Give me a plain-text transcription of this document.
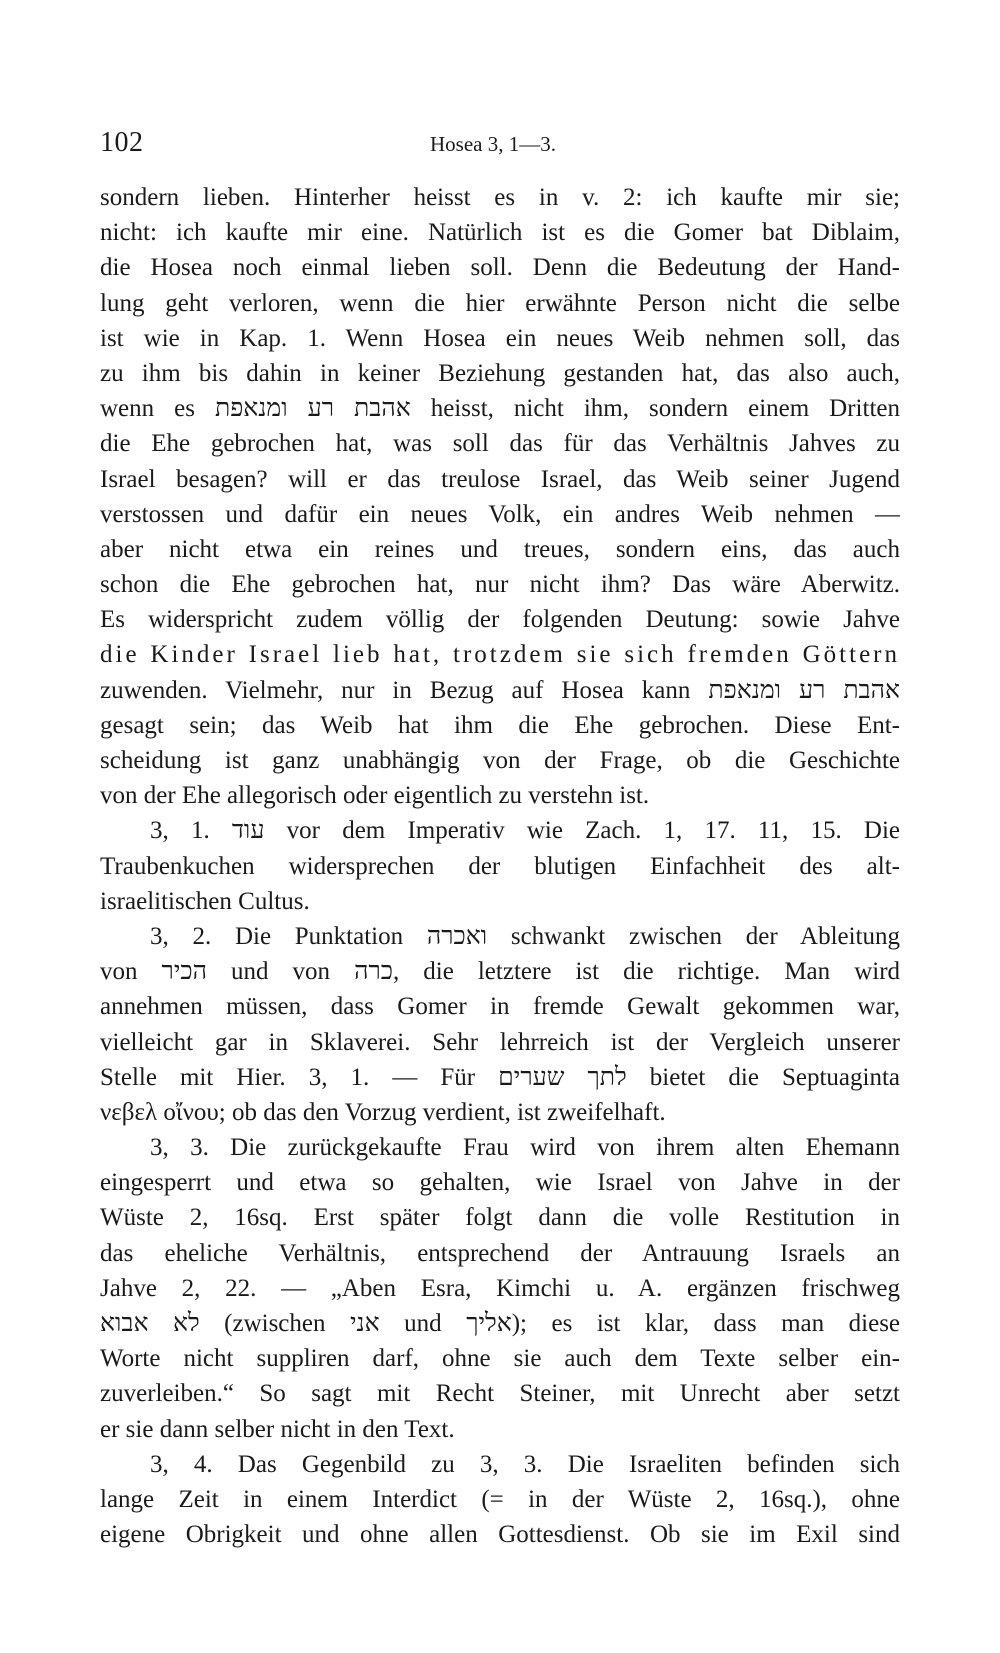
102	Hosea 3, 1—3.
sondern lieben. Hinterher heisst es in v. 2: ich kaufte mir sie;
nicht: ich kaufte mir eine. Natürlich ist es die Gomer bat Diblaim,
die Hosea noch einmal lieben soll. Denn die Bedeutung der Hand-
lung geht verloren, wenn die hier erwähnte Person nicht die selbe
ist wie in Kap. 1. Wenn Hosea ein neues Weib nehmen soll, das
zu ihm bis dahin in keiner Beziehung gestanden hat, das also auch,
wenn es אהבת רע ומנאפת heisst, nicht ihm, sondern einem Dritten
die Ehe gebrochen hat, was soll das für das Verhältnis Jahves zu
Israel besagen? will er das treulose Israel, das Weib seiner Jugend
verstossen und dafür ein neues Volk, ein andres Weib nehmen —
aber nicht etwa ein reines und treues, sondern eins, das auch
schon die Ehe gebrochen hat, nur nicht ihm? Das wäre Aberwitz.
Es widerspricht zudem völlig der folgenden Deutung: sowie Jahve
die Kinder Israel lieb hat, trotzdem sie sich fremden Göttern
zuwenden. Vielmehr, nur in Bezug auf Hosea kann אהבת רע ומנאפת
gesagt sein; das Weib hat ihm die Ehe gebrochen. Diese Ent-
scheidung ist ganz unabhängig von der Frage, ob die Geschichte
von der Ehe allegorisch oder eigentlich zu verstehn ist.
3, 1. עוד vor dem Imperativ wie Zach. 1, 17. 11, 15. Die
Traubenkuchen widersprechen der blutigen Einfachheit des alt-
israelitischen Cultus.
3, 2. Die Punktation ואכרה schwankt zwischen der Ableitung
von הכיר und von כרה, die letztere ist die richtige. Man wird
annehmen müssen, dass Gomer in fremde Gewalt gekommen war,
vielleicht gar in Sklaverei. Sehr lehrreich ist der Vergleich unserer
Stelle mit Hier. 3, 1. — Für לתך שערים bietet die Septuaginta
νεβελ οἴνου; ob das den Vorzug verdient, ist zweifelhaft.
3, 3. Die zurückgekaufte Frau wird von ihrem alten Ehemann
eingesperrt und etwa so gehalten, wie Israel von Jahve in der
Wüste 2, 16sq. Erst später folgt dann die volle Restitution in
das eheliche Verhältnis, entsprechend der Antrauung Israels an
Jahve 2, 22. — „Aben Esra, Kimchi u. A. ergänzen frischweg
לא אבוא (zwischen אני und אליך); es ist klar, dass man diese
Worte nicht suppliren darf, ohne sie auch dem Texte selber ein-
zuverleiben.“ So sagt mit Recht Steiner, mit Unrecht aber setzt
er sie dann selber nicht in den Text.
3, 4. Das Gegenbild zu 3, 3. Die Israeliten befinden sich
lange Zeit in einem Interdict (= in der Wüste 2, 16sq.), ohne
eigene Obrigkeit und ohne allen Gottesdienst. Ob sie im Exil sind
